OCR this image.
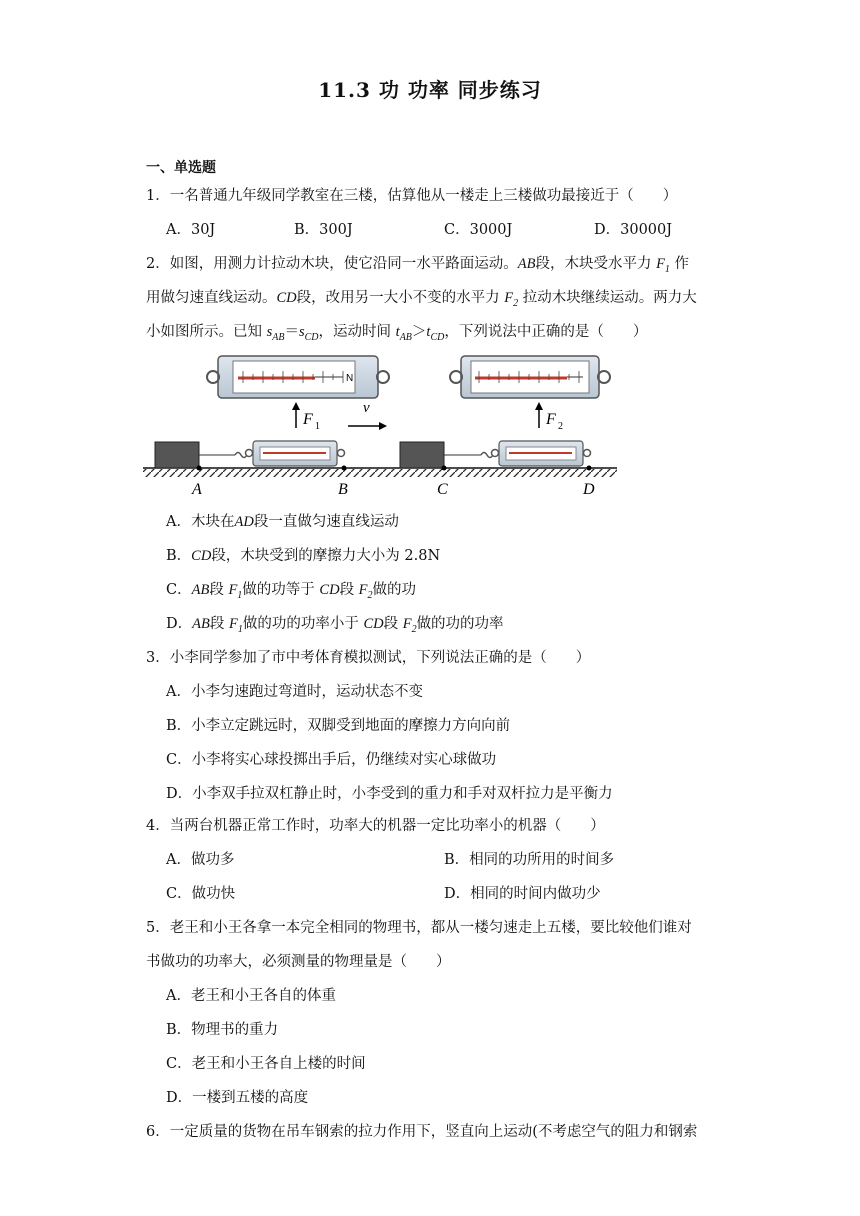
11.3 功 功率 同步练习
一、单选题
1．一名普通九年级同学教室在三楼，估算他从一楼走上三楼做功最接近于（　　）
A．30J	B．300J	C．3000J	D．30000J
2．如图，用测力计拉动木块，使它沿同一水平路面运动。AB段，木块受水平力 $F_1$ 作
用做匀速直线运动。CD段，改用另一大小不变的水平力 $F_2$ 拉动木块继续运动。两力大
小如图所示。已知 $s_{AB}=s_{CD}$，运动时间 $t_{AB}>t_{CD}$，下列说法中正确的是（　　）
N
F 1
v
F 2
A	B	C	D
A．木块在AD段一直做匀速直线运动
B．CD段，木块受到的摩擦力大小为 2.8N
C．AB段 $F_1$做的功等于 CD段 $F_2$做的功
D．AB段 $F_1$做的功的功率小于 CD段 $F_2$做的功的功率
3．小李同学参加了市中考体育模拟测试，下列说法正确的是（　　）
A．小李匀速跑过弯道时，运动状态不变
B．小李立定跳远时，双脚受到地面的摩擦力方向向前
C．小李将实心球投掷出手后，仍继续对实心球做功
D．小李双手拉双杠静止时，小李受到的重力和手对双杆拉力是平衡力
4．当两台机器正常工作时，功率大的机器一定比功率小的机器（　　）
A．做功多	B．相同的功所用的时间多
C．做功快	D．相同的时间内做功少
5．老王和小王各拿一本完全相同的物理书，都从一楼匀速走上五楼，要比较他们谁对
书做功的功率大，必须测量的物理量是（　　）
A．老王和小王各自的体重
B．物理书的重力
C．老王和小王各自上楼的时间
D．一楼到五楼的高度
6．一定质量的货物在吊车钢索的拉力作用下，竖直向上运动(不考虑空气的阻力和钢索
